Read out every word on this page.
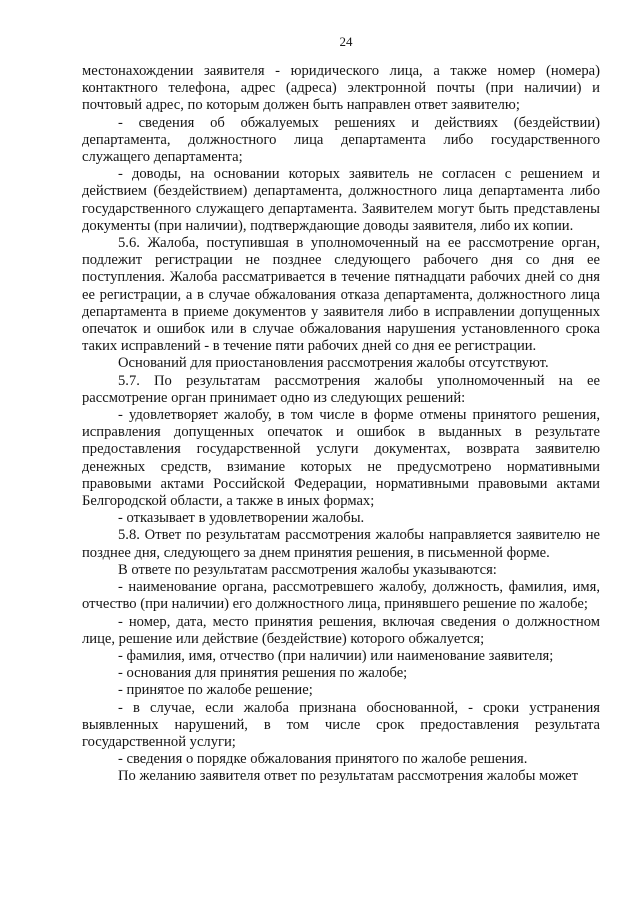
24

местонахождении заявителя - юридического лица, а также номер (номера) контактного телефона, адрес (адреса) электронной почты (при наличии) и почтовый адрес, по которым должен быть направлен ответ заявителю;

- сведения об обжалуемых решениях и действиях (бездействии) департамента, должностного лица департамента либо государственного служащего департамента;

- доводы, на основании которых заявитель не согласен с решением и действием (бездействием) департамента, должностного лица департамента либо государственного служащего департамента. Заявителем могут быть представлены документы (при наличии), подтверждающие доводы заявителя, либо их копии.

5.6. Жалоба, поступившая в уполномоченный на ее рассмотрение орган, подлежит регистрации не позднее следующего рабочего дня со дня ее поступления. Жалоба рассматривается в течение пятнадцати рабочих дней со дня ее регистрации, а в случае обжалования отказа департамента, должностного лица департамента в приеме документов у заявителя либо в исправлении допущенных опечаток и ошибок или в случае обжалования нарушения установленного срока таких исправлений - в течение пяти рабочих дней со дня ее регистрации.

Оснований для приостановления рассмотрения жалобы отсутствуют.

5.7. По результатам рассмотрения жалобы уполномоченный на ее рассмотрение орган принимает одно из следующих решений:

- удовлетворяет жалобу, в том числе в форме отмены принятого решения, исправления допущенных опечаток и ошибок в выданных в результате предоставления государственной услуги документах, возврата заявителю денежных средств, взимание которых не предусмотрено нормативными правовыми актами Российской Федерации, нормативными правовыми актами Белгородской области, а также в иных формах;

- отказывает в удовлетворении жалобы.

5.8. Ответ по результатам рассмотрения жалобы направляется заявителю не позднее дня, следующего за днем принятия решения, в письменной форме.

В ответе по результатам рассмотрения жалобы указываются:

- наименование органа, рассмотревшего жалобу, должность, фамилия, имя, отчество (при наличии) его должностного лица, принявшего решение по жалобе;

- номер, дата, место принятия решения, включая сведения о должностном лице, решение или действие (бездействие) которого обжалуется;

- фамилия, имя, отчество (при наличии) или наименование заявителя;

- основания для принятия решения по жалобе;

- принятое по жалобе решение;

- в случае, если жалоба признана обоснованной, - сроки устранения выявленных нарушений, в том числе срок предоставления результата государственной услуги;

- сведения о порядке обжалования принятого по жалобе решения.

По желанию заявителя ответ по результатам рассмотрения жалобы может
